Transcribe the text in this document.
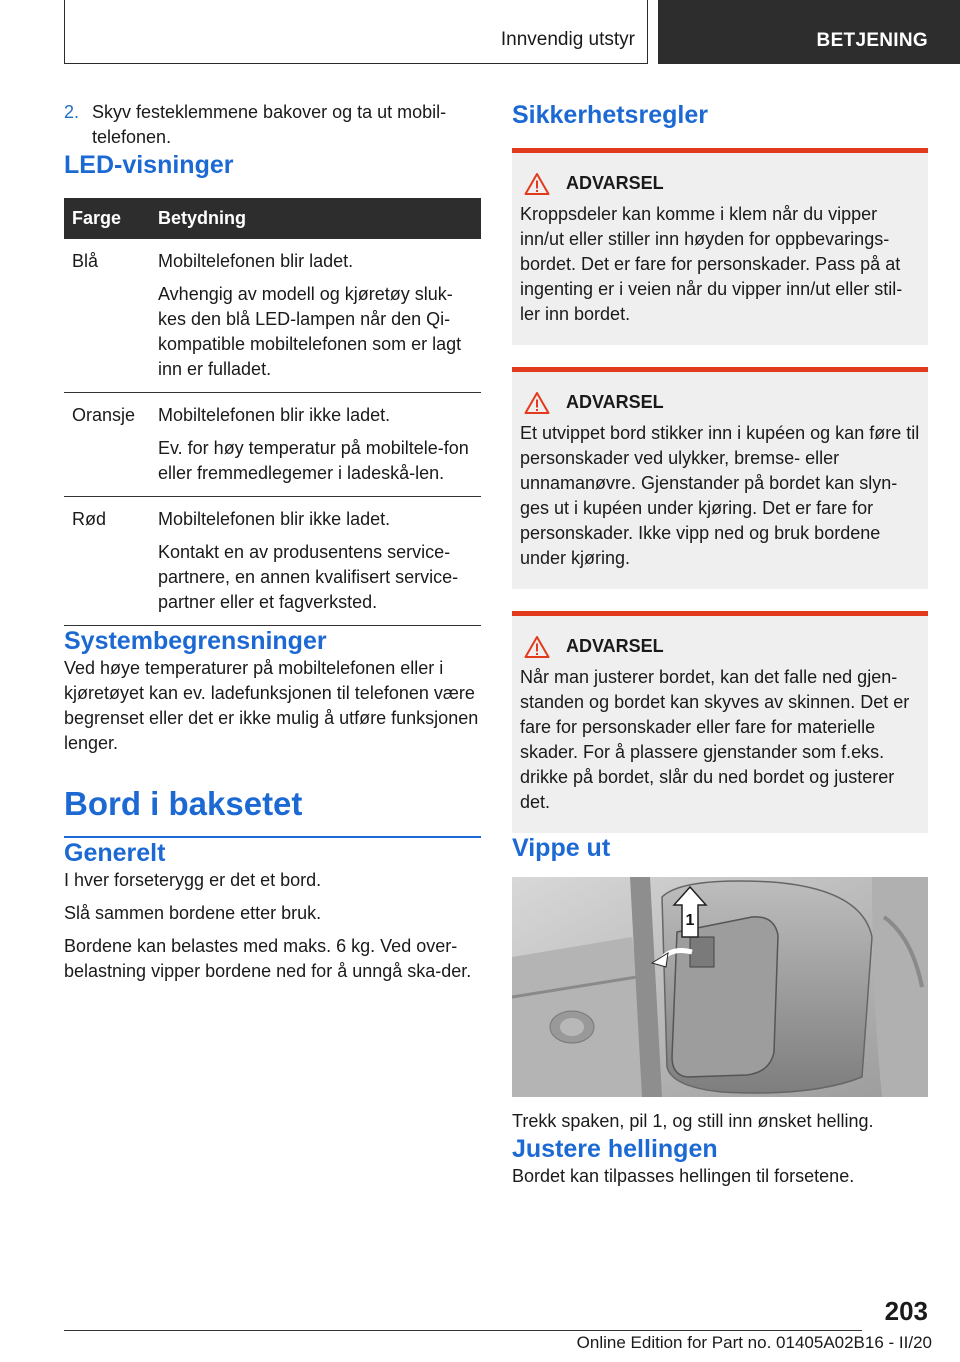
Innvendig utstyr	BETJENING
2. Skyv festeklemmene bakover og ta ut mobil‐telefonen.
LED-visninger
Farge	Betydning
Blå	Mobiltelefonen blir ladet.

Avhengig av modell og kjøretøy sluk‐kes den blå LED-lampen når den Qi-kompatible mobiltelefonen som er lagt inn er fulladet.

Oransje	Mobiltelefonen blir ikke ladet.

Ev. for høy temperatur på mobiltele‐fon eller fremmedlegemer i ladeskå‐len.

Rød	Mobiltelefonen blir ikke ladet.

Kontakt en av produsentens service‐partnere, en annen kvalifisert service‐partner eller et fagverksted.

Systembegrensninger

Ved høye temperaturer på mobiltelefonen eller i kjøretøyet kan ev. ladefunksjonen til telefonen være begrenset eller det er ikke mulig å utføre funksjonen lenger.

Bord i baksetet
Generelt

I hver forseterygg er det et bord.

Slå sammen bordene etter bruk.

Bordene kan belastes med maks. 6 kg. Ved over‐belastning vipper bordene ned for å unngå ska‐der.

Sikkerhetsregler
ADVARSEL
Kroppsdeler kan komme i klem når du vipper inn/ut eller stiller inn høyden for oppbevarings‐bordet. Det er fare for personskader. Pass på at ingenting er i veien når du vipper inn/ut eller stil‐ler inn bordet.
ADVARSEL
Et utvippet bord stikker inn i kupéen og kan føre til personskader ved ulykker, bremse- eller unnamanøvre. Gjenstander på bordet kan slyn‐ges ut i kupéen under kjøring. Det er fare for personskader. Ikke vipp ned og bruk bordene under kjøring.
ADVARSEL
Når man justerer bordet, kan det falle ned gjen‐standen og bordet kan skyves av skinnen. Det er fare for personskader eller fare for materielle skader. For å plassere gjenstander som f.eks. drikke på bordet, slår du ned bordet og justerer det.
Vippe ut
1
Trekk spaken, pil 1, og still inn ønsket helling.
Justere hellingen

Bordet kan tilpasses hellingen til forsetene.

203
Online Edition for Part no. 01405A02B16 - II/20
